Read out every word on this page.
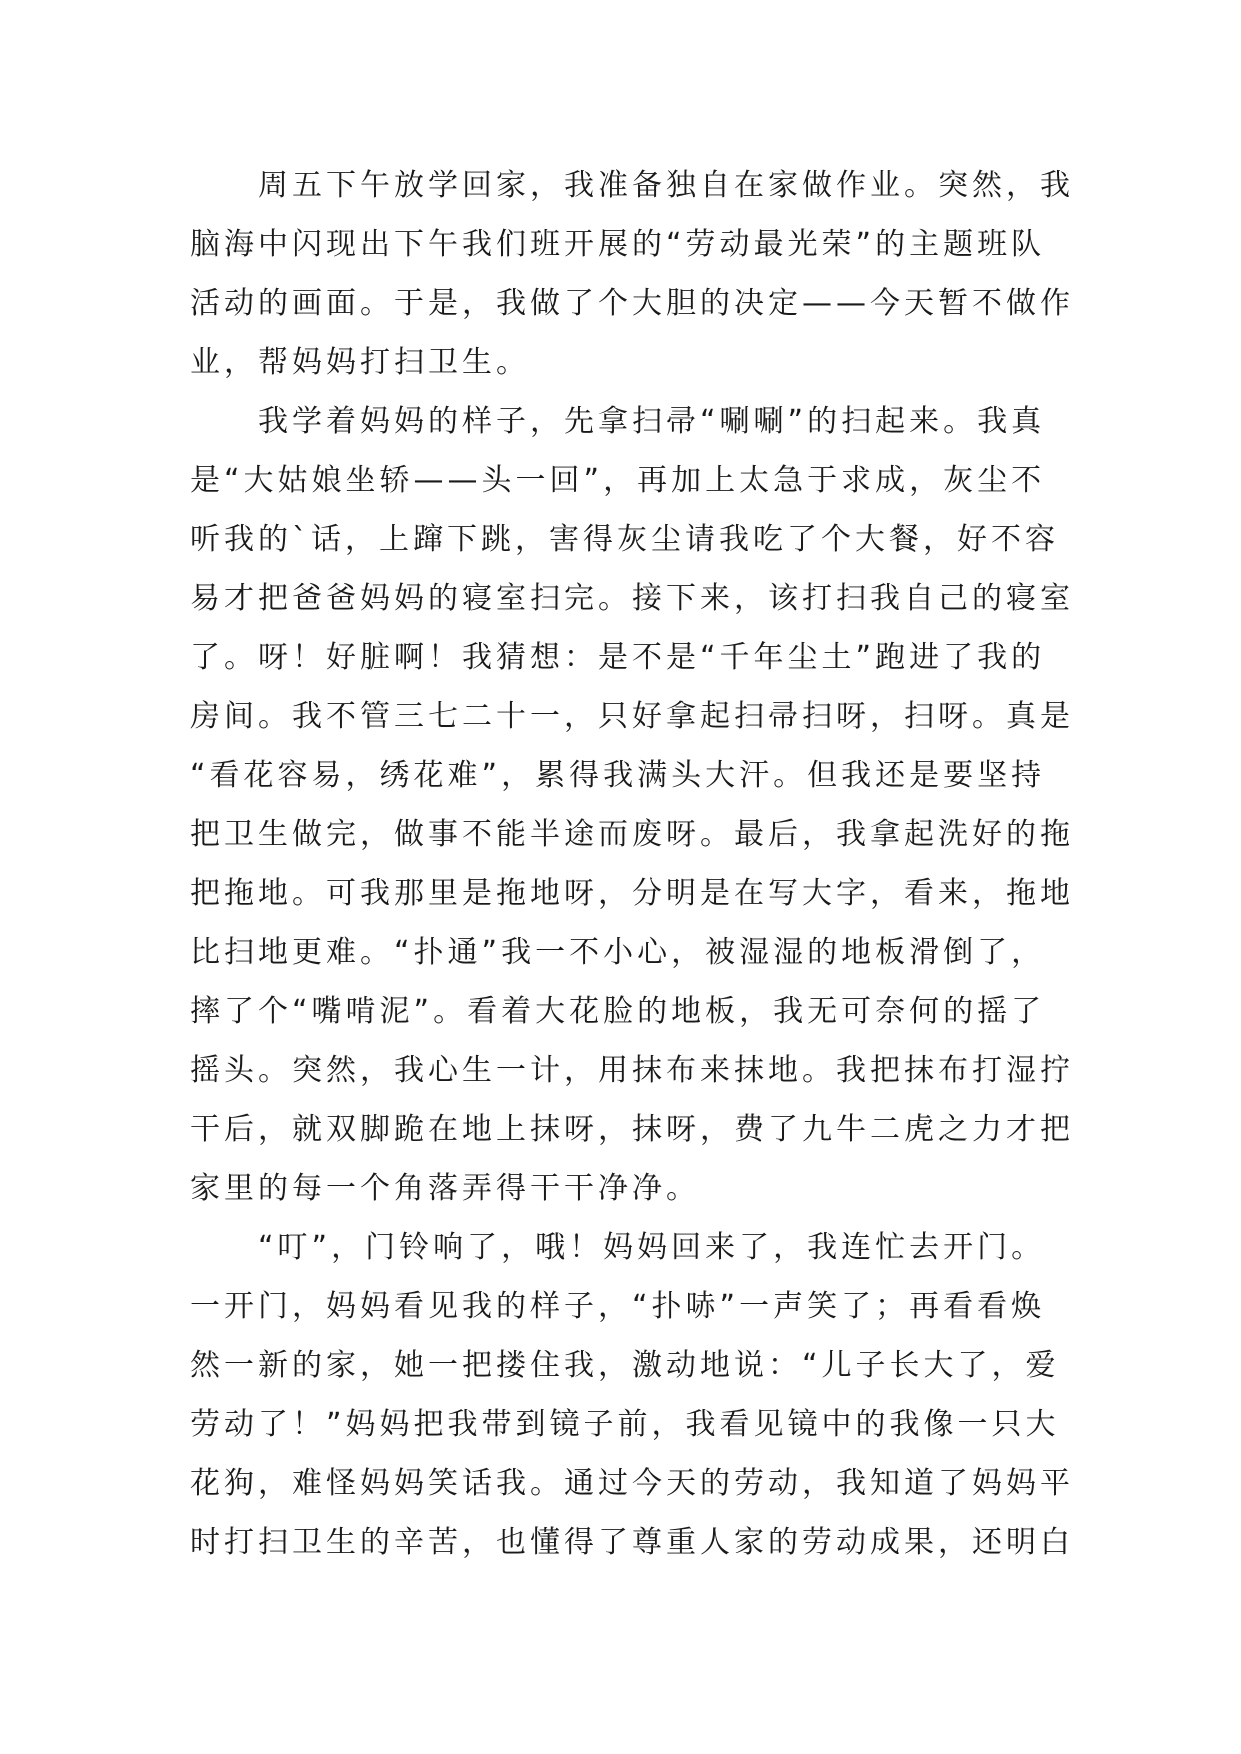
周五下午放学回家，我准备独自在家做作业。突然，我
脑海中闪现出下午我们班开展的“劳动最光荣”的主题班队
活动的画面。于是，我做了个大胆的决定——今天暂不做作
业，帮妈妈打扫卫生。
我学着妈妈的样子，先拿扫帚“唰唰”的扫起来。我真
是“大姑娘坐轿——头一回”，再加上太急于求成，灰尘不
听我的`话，上蹿下跳，害得灰尘请我吃了个大餐，好不容
易才把爸爸妈妈的寝室扫完。接下来，该打扫我自己的寝室
了。呀！好脏啊！我猜想：是不是“千年尘土”跑进了我的
房间。我不管三七二十一，只好拿起扫帚扫呀，扫呀。真是
“看花容易，绣花难”，累得我满头大汗。但我还是要坚持
把卫生做完，做事不能半途而废呀。最后，我拿起洗好的拖
把拖地。可我那里是拖地呀，分明是在写大字，看来，拖地
比扫地更难。“扑通”我一不小心，被湿湿的地板滑倒了，
摔了个“嘴啃泥”。看着大花脸的地板，我无可奈何的摇了
摇头。突然，我心生一计，用抹布来抹地。我把抹布打湿拧
干后，就双脚跪在地上抹呀，抹呀，费了九牛二虎之力才把
家里的每一个角落弄得干干净净。
“叮”，门铃响了，哦！妈妈回来了，我连忙去开门。
一开门，妈妈看见我的样子，“扑哧”一声笑了；再看看焕
然一新的家，她一把搂住我，激动地说：“儿子长大了，爱
劳动了！”妈妈把我带到镜子前，我看见镜中的我像一只大
花狗，难怪妈妈笑话我。通过今天的劳动，我知道了妈妈平
时打扫卫生的辛苦，也懂得了尊重人家的劳动成果，还明白
